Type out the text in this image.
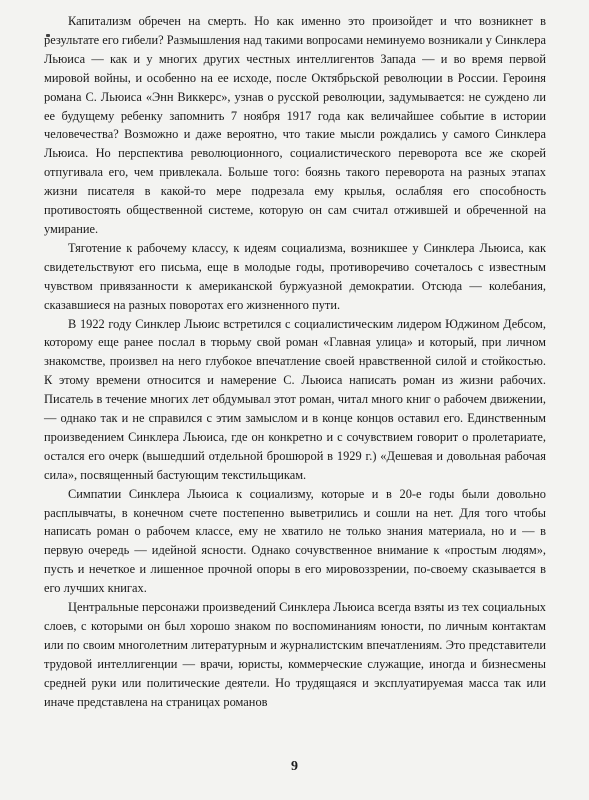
Капитализм обречен на смерть. Но как именно это произойдет и что возникнет в результате его гибели? Размышления над такими вопросами неминуемо возникали у Синклера Льюиса — как и у многих других честных интеллигентов Запада — и во время первой мировой войны, и особенно на ее исходе, после Октябрьской революции в России. Героиня романа С. Льюиса «Энн Виккерс», узнав о русской революции, задумывается: не суждено ли ее будущему ребенку запомнить 7 ноября 1917 года как величайшее событие в истории человечества? Возможно и даже вероятно, что такие мысли рождались у самого Синклера Льюиса. Но перспектива революционного, социалистического переворота все же скорей отпугивала его, чем привлекала. Больше того: боязнь такого переворота на разных этапах жизни писателя в какой-то мере подрезала ему крылья, ослабляя его способность противостоять общественной системе, которую он сам считал отжившей и обреченной на умирание.

Тяготение к рабочему классу, к идеям социализма, возникшее у Синклера Льюиса, как свидетельствуют его письма, еще в молодые годы, противоречиво сочеталось с известным чувством привязанности к американской буржуазной демократии. Отсюда — колебания, сказавшиеся на разных поворотах его жизненного пути.

В 1922 году Синклер Льюис встретился с социалистическим лидером Юджином Дебсом, которому еще ранее послал в тюрьму свой роман «Главная улица» и который, при личном знакомстве, произвел на него глубокое впечатление своей нравственной силой и стойкостью. К этому времени относится и намерение С. Льюиса написать роман из жизни рабочих. Писатель в течение многих лет обдумывал этот роман, читал много книг о рабочем движении,— однако так и не справился с этим замыслом и в конце концов оставил его. Единственным произведением Синклера Льюиса, где он конкретно и с сочувствием говорит о пролетариате, остался его очерк (вышедший отдельной брошюрой в 1929 г.) «Дешевая и довольная рабочая сила», посвященный бастующим текстильщикам.

Симпатии Синклера Льюиса к социализму, которые и в 20-е годы были довольно расплывчаты, в конечном счете постепенно выветрились и сошли на нет. Для того чтобы написать роман о рабочем классе, ему не хватило не только знания материала, но и — в первую очередь — идейной ясности. Однако сочувственное внимание к «простым людям», пусть и нечеткое и лишенное прочной опоры в его мировоззрении, по-своему сказывается в его лучших книгах.

Центральные персонажи произведений Синклера Льюиса всегда взяты из тех социальных слоев, с которыми он был хорошо знаком по воспоминаниям юности, по личным контактам или по своим многолетним литературным и журналистским впечатлениям. Это представители трудовой интеллигенции — врачи, юристы, коммерческие служащие, иногда и бизнесмены средней руки или политические деятели. Но трудящаяся и эксплуатируемая масса так или иначе представлена на страницах романов

9
